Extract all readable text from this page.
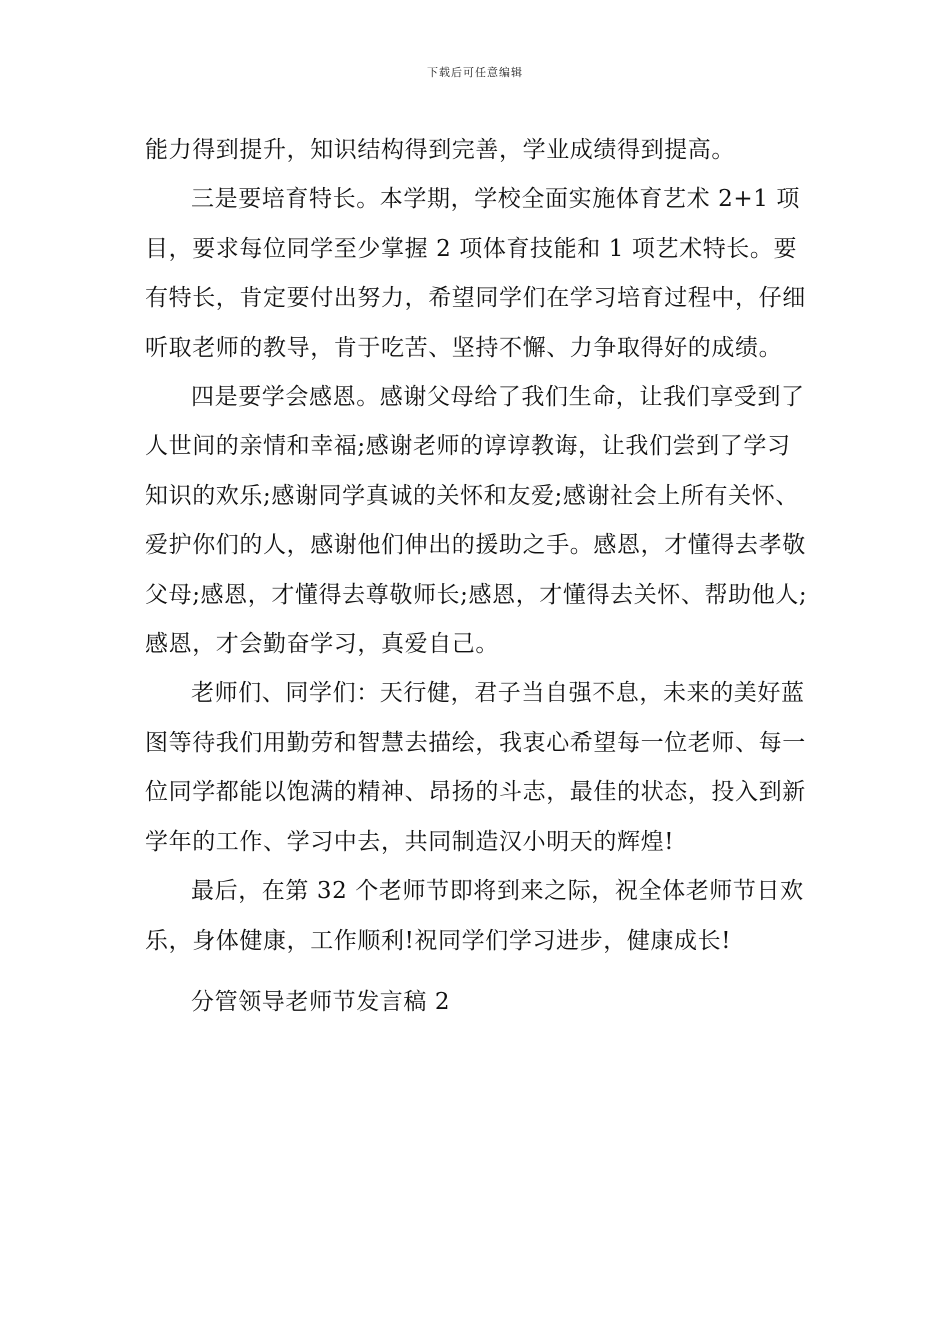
下载后可任意编辑

能力得到提升，知识结构得到完善，学业成绩得到提高。

三是要培育特长。本学期，学校全面实施体育艺术 2+1 项目，要求每位同学至少掌握 2 项体育技能和 1 项艺术特长。要有特长，肯定要付出努力，希望同学们在学习培育过程中，仔细听取老师的教导，肯于吃苦、坚持不懈、力争取得好的成绩。

四是要学会感恩。感谢父母给了我们生命，让我们享受到了人世间的亲情和幸福;感谢老师的谆谆教诲，让我们尝到了学习知识的欢乐;感谢同学真诚的关怀和友爱;感谢社会上所有关怀、爱护你们的人，感谢他们伸出的援助之手。感恩，才懂得去孝敬父母;感恩，才懂得去尊敬师长;感恩，才懂得去关怀、帮助他人;感恩，才会勤奋学习，真爱自己。

老师们、同学们：天行健，君子当自强不息，未来的美好蓝图等待我们用勤劳和智慧去描绘，我衷心希望每一位老师、每一位同学都能以饱满的精神、昂扬的斗志，最佳的状态，投入到新学年的工作、学习中去，共同制造汉小明天的辉煌!

最后，在第 32 个老师节即将到来之际，祝全体老师节日欢乐，身体健康，工作顺利!祝同学们学习进步，健康成长!

分管领导老师节发言稿 2
